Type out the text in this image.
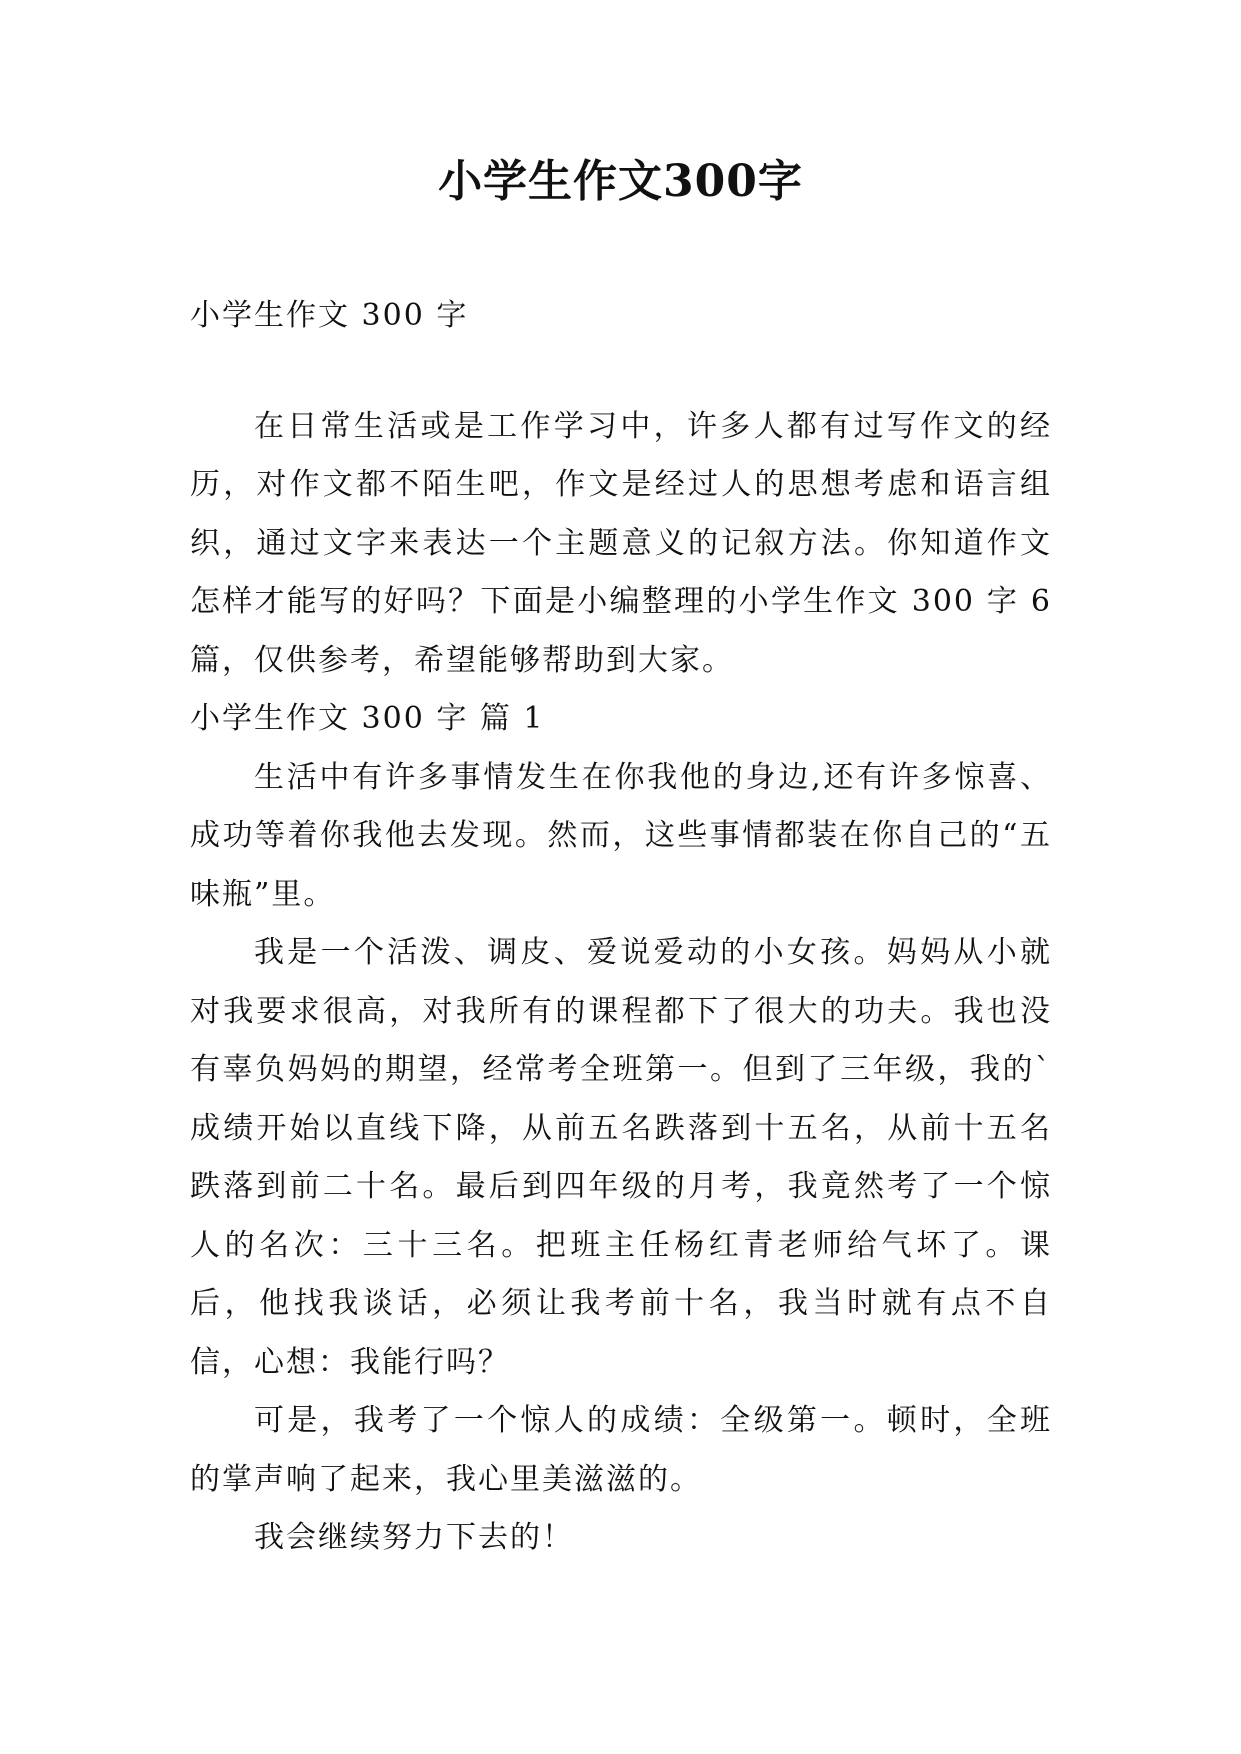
小学生作文300字

小学生作文 300 字

在日常生活或是工作学习中，许多人都有过写作文的经历，对作文都不陌生吧，作文是经过人的思想考虑和语言组织，通过文字来表达一个主题意义的记叙方法。你知道作文怎样才能写的好吗？下面是小编整理的小学生作文 300 字 6 篇，仅供参考，希望能够帮助到大家。

小学生作文 300 字 篇 1

生活中有许多事情发生在你我他的身边,还有许多惊喜、成功等着你我他去发现。然而，这些事情都装在你自己的“五味瓶”里。

我是一个活泼、调皮、爱说爱动的小女孩。妈妈从小就对我要求很高，对我所有的课程都下了很大的功夫。我也没有辜负妈妈的期望，经常考全班第一。但到了三年级，我的`成绩开始以直线下降，从前五名跌落到十五名，从前十五名跌落到前二十名。最后到四年级的月考，我竟然考了一个惊人的名次：三十三名。把班主任杨红青老师给气坏了。课后，他找我谈话，必须让我考前十名，我当时就有点不自信，心想：我能行吗？

可是，我考了一个惊人的成绩：全级第一。顿时，全班的掌声响了起来，我心里美滋滋的。

我会继续努力下去的！
